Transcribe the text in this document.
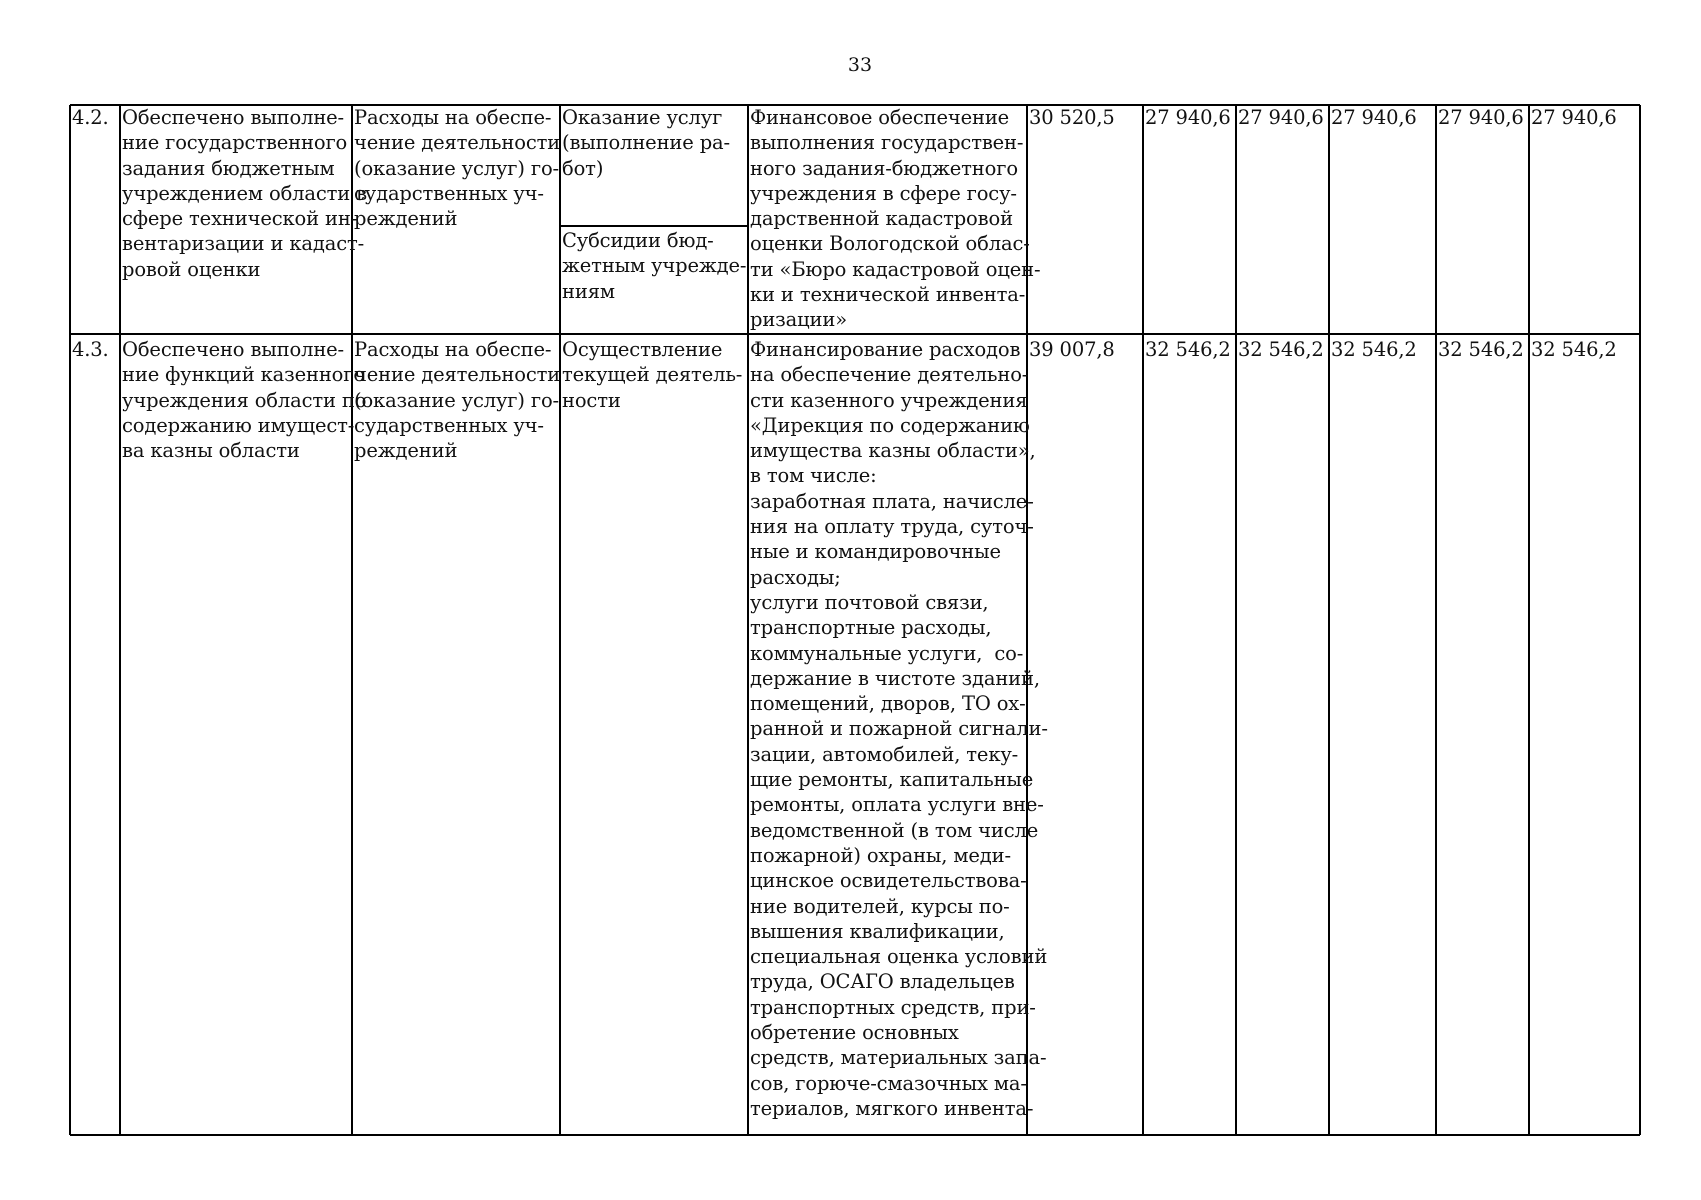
33
4.2. Обеспечено выполне-
ние государственного
задания бюджетным
учреждением области в
сфере технической ин-
вентаризации и кадаст-
ровой оценки
Расходы на обеспе-
чение деятельности
(оказание услуг) го-
сударственных уч-
реждений
Оказание услуг
(выполнение ра-
бот)
Субсидии бюд-
жетным учрежде-
ниям
Финансовое обеспечение
выполнения государствен-
ного задания-бюджетного
учреждения в сфере госу-
дарственной кадастровой
оценки Вологодской облас-
ти «Бюро кадастровой оцен-
ки и технической инвента-
ризации»
30 520,5 27 940,6 27 940,6 27 940,6 27 940,6 27 940,6
4.3. Обеспечено выполне-
ние функций казенного
учреждения области по
содержанию имущест-
ва казны области
Расходы на обеспе-
чение деятельности
(оказание услуг) го-
сударственных уч-
реждений
Осуществление
текущей деятель-
ности
Финансирование расходов
на обеспечение деятельно-
сти казенного учреждения
«Дирекция по содержанию
имущества казны области»,
в том числе:
заработная плата, начисле-
ния на оплату труда, суточ-
ные и командировочные
расходы;
услуги почтовой связи,
транспортные расходы,
коммунальные услуги,  со-
держание в чистоте зданий,
помещений, дворов, ТО ох-
ранной и пожарной сигнали-
зации, автомобилей, теку-
щие ремонты, капитальные
ремонты, оплата услуги вне-
ведомственной (в том числе
пожарной) охраны, меди-
цинское освидетельствова-
ние водителей, курсы по-
вышения квалификации,
специальная оценка условий
труда, ОСАГО владельцев
транспортных средств, при-
обретение основных
средств, материальных запа-
сов, горюче-смазочных ма-
териалов, мягкого инвента-
39 007,8 32 546,2 32 546,2 32 546,2 32 546,2 32 546,2
